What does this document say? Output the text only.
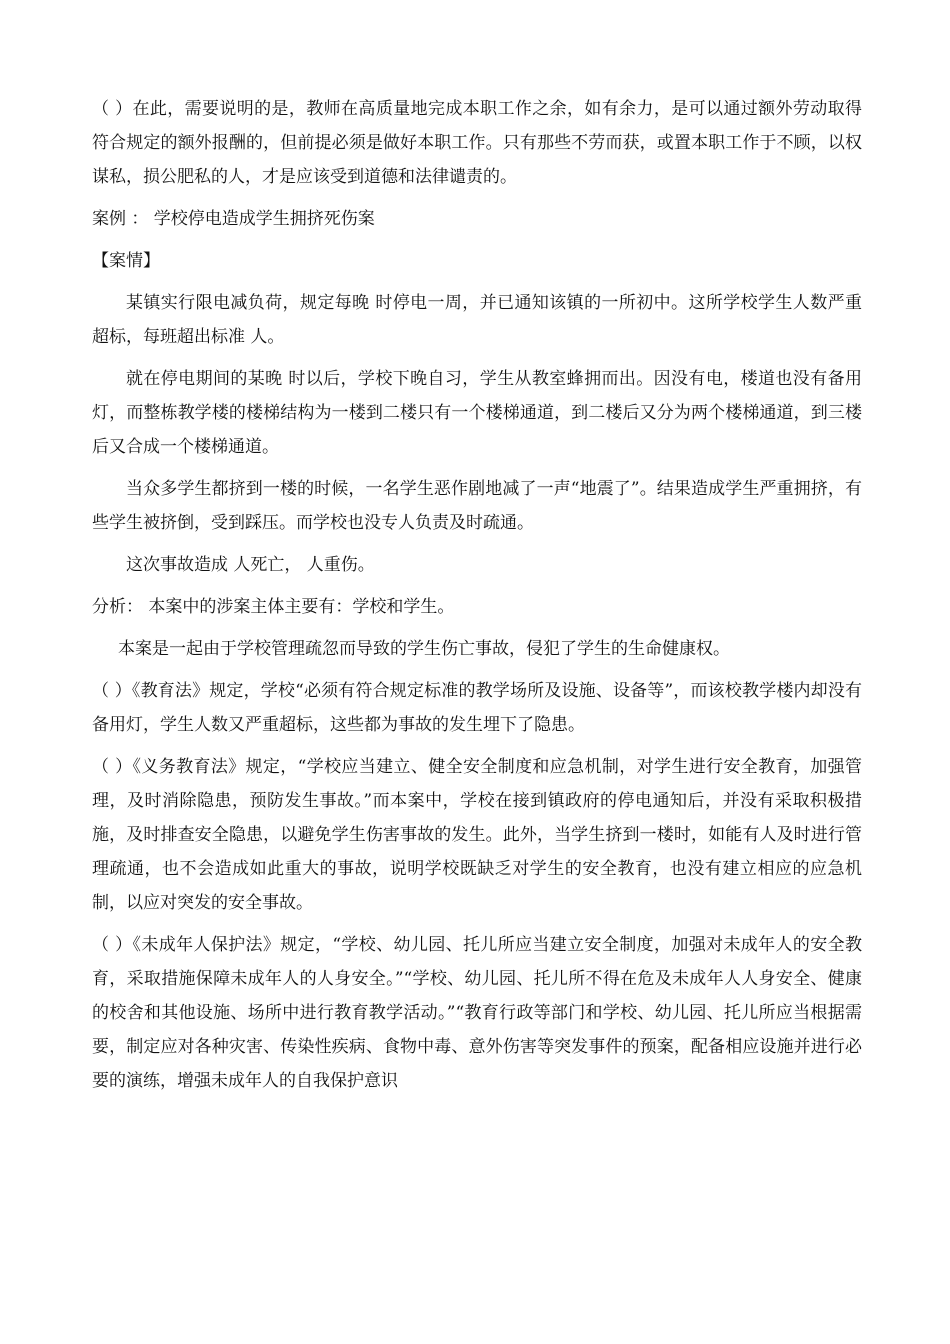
（ ）在此，需要说明的是，教师在高质量地完成本职工作之余，如有余力，是可以通过额外劳动取得符合规定的额外报酬的，但前提必须是做好本职工作。只有那些不劳而获，或置本职工作于不顾，以权谋私，损公肥私的人，才是应该受到道德和法律谴责的。

案例 ： 学校停电造成学生拥挤死伤案

【案情】

某镇实行限电减负荷，规定每晚 时停电一周，并已通知该镇的一所初中。这所学校学生人数严重超标，每班超出标准 人。

就在停电期间的某晚 时以后，学校下晚自习，学生从教室蜂拥而出。因没有电，楼道也没有备用灯，而整栋教学楼的楼梯结构为一楼到二楼只有一个楼梯通道，到二楼后又分为两个楼梯通道，到三楼后又合成一个楼梯通道。

当众多学生都挤到一楼的时候，一名学生恶作剧地减了一声“地震了”。结果造成学生严重拥挤，有些学生被挤倒，受到踩压。而学校也没专人负责及时疏通。

这次事故造成 人死亡， 人重伤。

分析： 本案中的涉案主体主要有：学校和学生。

本案是一起由于学校管理疏忽而导致的学生伤亡事故，侵犯了学生的生命健康权。

（ ）《教育法》规定，学校“必须有符合规定标准的教学场所及设施、设备等”，而该校教学楼内却没有备用灯，学生人数又严重超标，这些都为事故的发生埋下了隐患。

（ ）《义务教育法》规定，“学校应当建立、健全安全制度和应急机制，对学生进行安全教育，加强管理，及时消除隐患，预防发生事故。”而本案中，学校在接到镇政府的停电通知后，并没有采取积极措施，及时排查安全隐患，以避免学生伤害事故的发生。此外，当学生挤到一楼时，如能有人及时进行管理疏通，也不会造成如此重大的事故，说明学校既缺乏对学生的安全教育，也没有建立相应的应急机制，以应对突发的安全事故。

（ ）《未成年人保护法》规定，“学校、幼儿园、托儿所应当建立安全制度，加强对未成年人的安全教育，采取措施保障未成年人的人身安全。”“学校、幼儿园、托儿所不得在危及未成年人人身安全、健康的校舍和其他设施、场所中进行教育教学活动。”“教育行政等部门和学校、幼儿园、托儿所应当根据需要，制定应对各种灾害、传染性疾病、食物中毒、意外伤害等突发事件的预案，配备相应设施并进行必要的演练，增强未成年人的自我保护意识
